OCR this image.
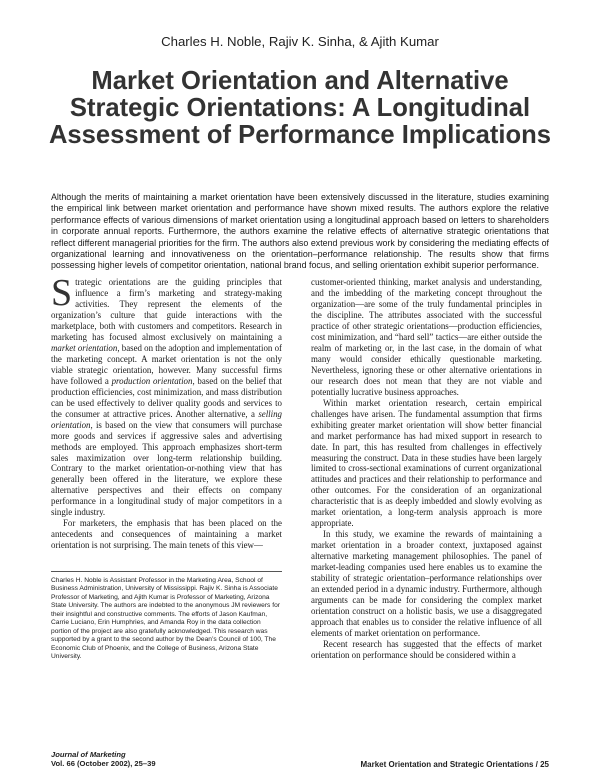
Charles H. Noble, Rajiv K. Sinha, & Ajith Kumar
Market Orientation and Alternative Strategic Orientations: A Longitudinal Assessment of Performance Implications

Although the merits of maintaining a market orientation have been extensively discussed in the literature, studies examining the empirical link between market orientation and performance have shown mixed results. The authors explore the relative performance effects of various dimensions of market orientation using a longitudinal approach based on letters to shareholders in corporate annual reports. Furthermore, the authors examine the relative effects of alternative strategic orientations that reflect different managerial priorities for the firm. The authors also extend previous work by considering the mediating effects of organizational learning and innovativeness on the orientation–performance relationship. The results show that firms possessing higher levels of competitor orientation, national brand focus, and selling orientation exhibit superior performance.

Strategic orientations are the guiding principles that influence a firm’s marketing and strategy-making activities. They represent the elements of the organization’s culture that guide interactions with the marketplace, both with customers and competitors. Research in marketing has focused almost exclusively on maintaining a market orientation, based on the adoption and implementation of the marketing concept. A market orientation is not the only viable strategic orientation, however. Many successful firms have followed a production orientation, based on the belief that production efficiencies, cost minimization, and mass distribution can be used effectively to deliver quality goods and services to the consumer at attractive prices. Another alternative, a selling orientation, is based on the view that consumers will purchase more goods and services if aggressive sales and advertising methods are employed. This approach emphasizes short-term sales maximization over long-term relationship building. Contrary to the market orientation-or-nothing view that has generally been offered in the literature, we explore these alternative perspectives and their effects on company performance in a longitudinal study of major competitors in a single industry.

For marketers, the emphasis that has been placed on the antecedents and consequences of maintaining a market orientation is not surprising. The main tenets of this view—

customer-oriented thinking, market analysis and understanding, and the imbedding of the marketing concept throughout the organization—are some of the truly fundamental principles in the discipline. The attributes associated with the successful practice of other strategic orientations—production efficiencies, cost minimization, and “hard sell” tactics—are either outside the realm of marketing or, in the last case, in the domain of what many would consider ethically questionable marketing. Nevertheless, ignoring these or other alternative orientations in our research does not mean that they are not viable and potentially lucrative business approaches.

Within market orientation research, certain empirical challenges have arisen. The fundamental assumption that firms exhibiting greater market orientation will show better financial and market performance has had mixed support in research to date. In part, this has resulted from challenges in effectively measuring the construct. Data in these studies have been largely limited to cross-sectional examinations of current organizational attitudes and practices and their relationship to performance and other outcomes. For the consideration of an organizational characteristic that is as deeply imbedded and slowly evolving as market orientation, a long-term analysis approach is more appropriate.

In this study, we examine the rewards of maintaining a market orientation in a broader context, juxtaposed against alternative marketing management philosophies. The panel of market-leading companies used here enables us to examine the stability of strategic orientation–performance relationships over an extended period in a dynamic industry. Furthermore, although arguments can be made for considering the complex market orientation construct on a holistic basis, we use a disaggregated approach that enables us to consider the relative influence of all elements of market orientation on performance.

Recent research has suggested that the effects of market orientation on performance should be considered within a

Charles H. Noble is Assistant Professor in the Marketing Area, School of Business Administration, University of Mississippi. Rajiv K. Sinha is Associate Professor of Marketing, and Ajith Kumar is Professor of Marketing, Arizona State University. The authors are indebted to the anonymous JM reviewers for their insightful and constructive comments. The efforts of Jason Kaufman, Carrie Luciano, Erin Humphries, and Amanda Roy in the data collection portion of the project are also gratefully acknowledged. This research was supported by a grant to the second author by the Dean’s Council of 100, The Economic Club of Phoenix, and the College of Business, Arizona State University.

Journal of Marketing
Vol. 66 (October 2002), 25–39	Market Orientation and Strategic Orientations / 25
